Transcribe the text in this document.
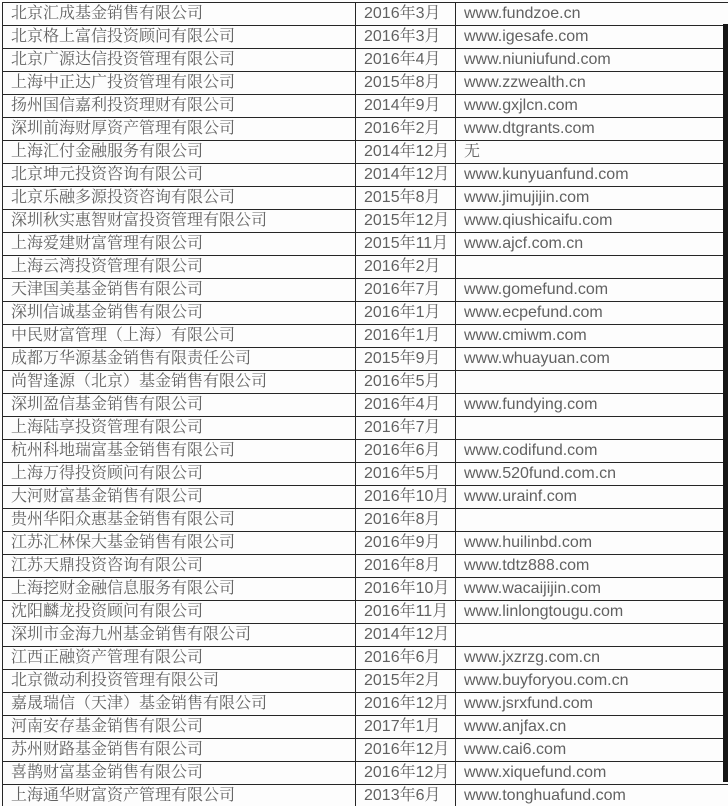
北京汇成基金销售有限公司	2016年3月	www.fundzoe.cn
北京格上富信投资顾问有限公司	2016年3月	www.igesafe.com
北京广源达信投资管理有限公司	2016年4月	www.niuniufund.com
上海中正达广投资管理有限公司	2015年8月	www.zzwealth.cn
扬州国信嘉利投资理财有限公司	2014年9月	www.gxjlcn.com
深圳前海财厚资产管理有限公司	2016年2月	www.dtgrants.com
上海汇付金融服务有限公司	2014年12月	无
北京坤元投资咨询有限公司	2014年12月	www.kunyuanfund.com
北京乐融多源投资咨询有限公司	2015年8月	www.jimujijin.com
深圳秋实惠智财富投资管理有限公司	2015年12月	www.qiushicaifu.com
上海爱建财富管理有限公司	2015年11月	www.ajcf.com.cn
上海云湾投资管理有限公司	2016年2月	
天津国美基金销售有限公司	2016年7月	www.gomefund.com
深圳信诚基金销售有限公司	2016年1月	www.ecpefund.com
中民财富管理（上海）有限公司	2016年1月	www.cmiwm.com
成都万华源基金销售有限责任公司	2015年9月	www.whuayuan.com
尚智逢源（北京）基金销售有限公司	2016年5月	
深圳盈信基金销售有限公司	2016年4月	www.fundying.com
上海陆享投资管理有限公司	2016年7月	
杭州科地瑞富基金销售有限公司	2016年6月	www.codifund.com
上海万得投资顾问有限公司	2016年5月	www.520fund.com.cn
大河财富基金销售有限公司	2016年10月	www.urainf.com
贵州华阳众惠基金销售有限公司	2016年8月	
江苏汇林保大基金销售有限公司	2016年9月	www.huilinbd.com
江苏天鼎投资咨询有限公司	2016年8月	www.tdtz888.com
上海挖财金融信息服务有限公司	2016年10月	www.wacaijijin.com
沈阳麟龙投资顾问有限公司	2016年11月	www.linlongtougu.com
深圳市金海九州基金销售有限公司	2014年12月	
江西正融资产管理有限公司	2016年6月	www.jxzrzg.com.cn
北京微动利投资管理有限公司	2015年2月	www.buyforyou.com.cn
嘉晟瑞信（天津）基金销售有限公司	2016年12月	www.jsrxfund.com
河南安存基金销售有限公司	2017年1月	www.anjfax.cn
苏州财路基金销售有限公司	2016年12月	www.cai6.com
喜鹊财富基金销售有限公司	2016年12月	www.xiquefund.com
上海通华财富资产管理有限公司	2013年6月	www.tonghuafund.com
